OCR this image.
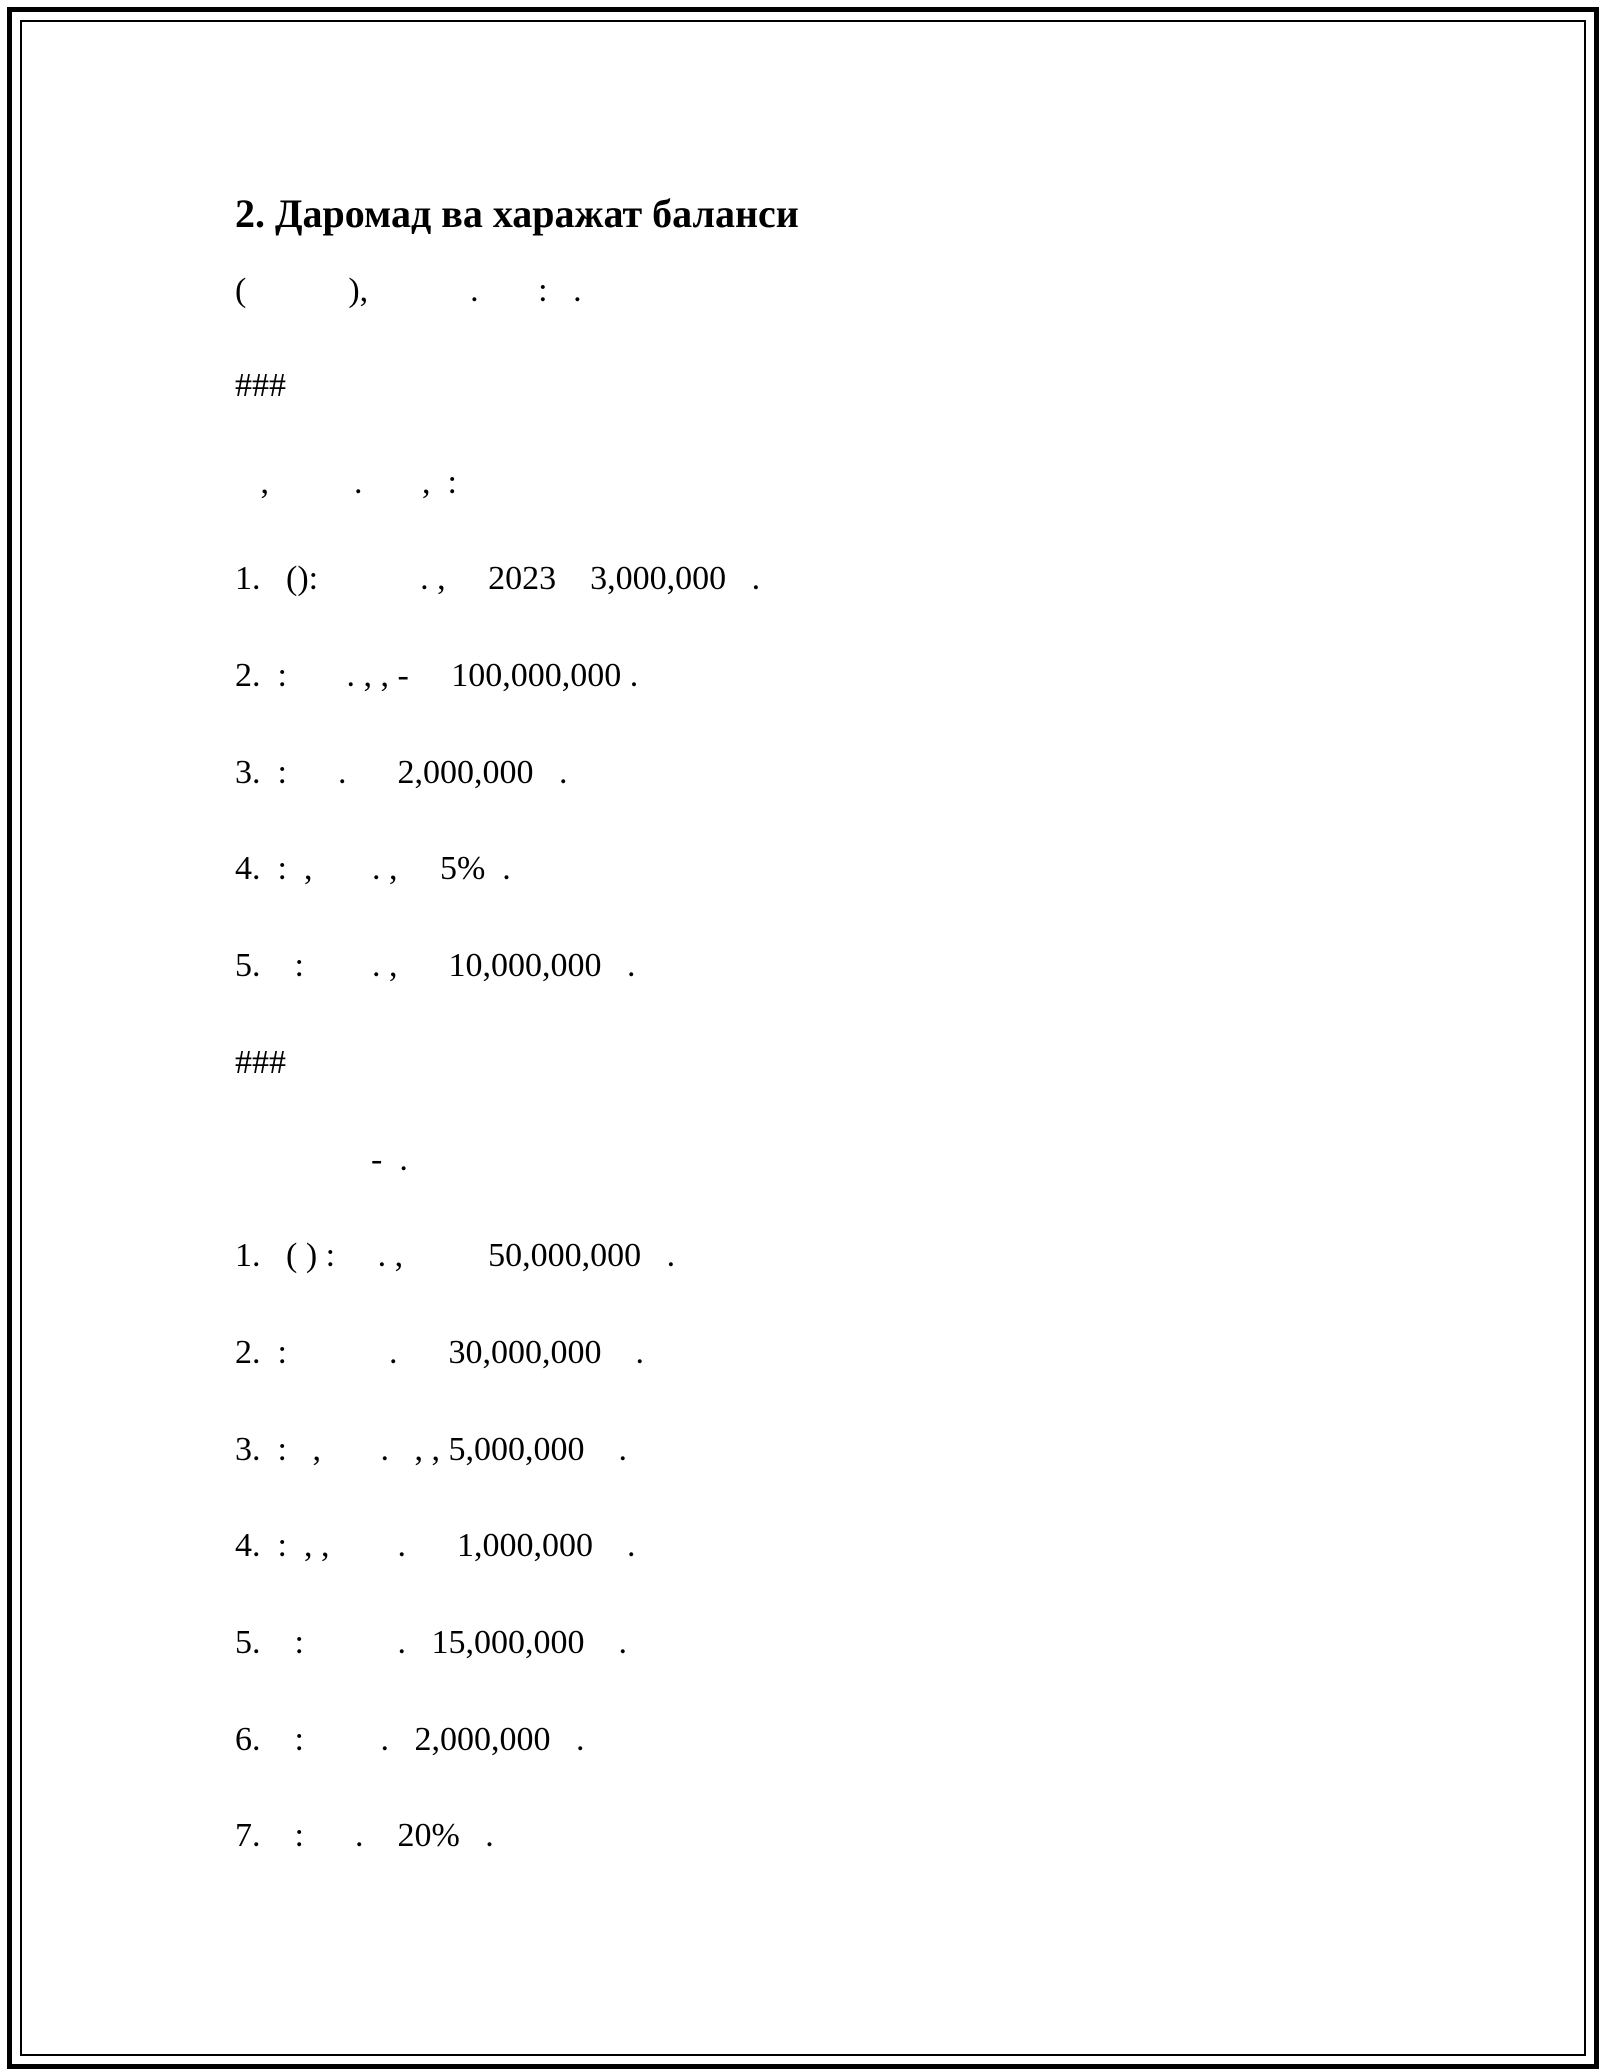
2. Даромад ва харажат баланси
(            ),            .       :   .
###
,          .       ,  :
1.   ():            . ,     2023    3,000,000   .
2.  :       . , , -     100,000,000 .
3.  :      .      2,000,000   .
4.  :  ,       . ,     5%  .
5.    :        . ,      10,000,000   .
###
-  .
1.   ( ) :     . ,          50,000,000   .
2.  :            .      30,000,000    .
3.  :   ,       .   , , 5,000,000    .
4.  :  , ,        .      1,000,000    .
5.    :           .   15,000,000    .
6.    :         .   2,000,000   .
7.    :      .    20%   .
